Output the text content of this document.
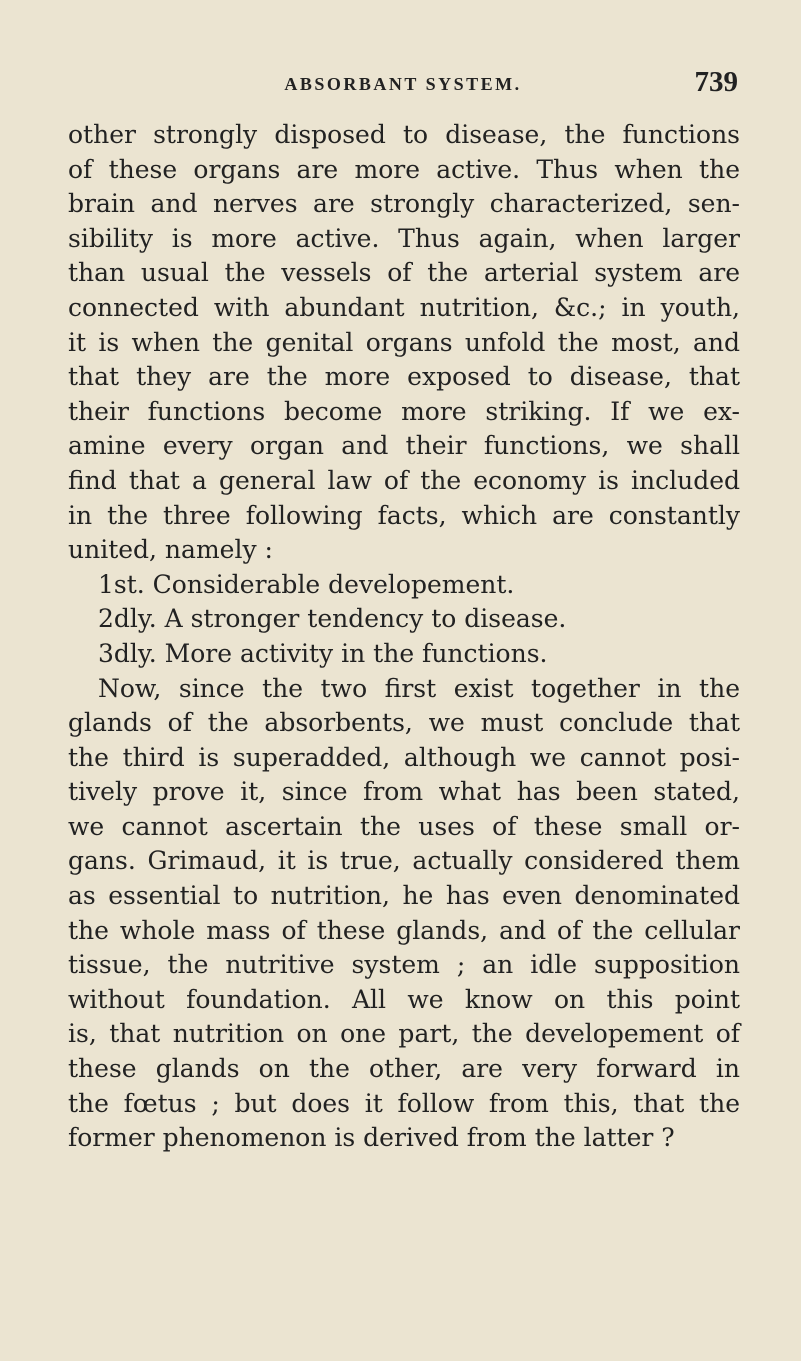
ABSORBANT SYSTEM.	739
other strongly disposed to disease, the functions
of these organs are more active. Thus when the
brain and nerves are strongly characterized, sen-
sibility is more active. Thus again, when larger
than usual the vessels of the arterial system are
connected with abundant nutrition, &c.; in youth,
it is when the genital organs unfold the most, and
that they are the more exposed to disease, that
their functions become more striking. If we ex-
amine every organ and their functions, we shall
find that a general law of the economy is included
in the three following facts, which are constantly
united, namely :
1st. Considerable developement.
2dly. A stronger tendency to disease.
3dly. More activity in the functions.
Now, since the two first exist together in the
glands of the absorbents, we must conclude that
the third is superadded, although we cannot posi-
tively prove it, since from what has been stated,
we cannot ascertain the uses of these small or-
gans. Grimaud, it is true, actually considered them
as essential to nutrition, he has even denominated
the whole mass of these glands, and of the cellular
tissue, the nutritive system ; an idle supposition
without foundation. All we know on this point
is, that nutrition on one part, the developement of
these glands on the other, are very forward in
the fœtus ; but does it follow from this, that the
former phenomenon is derived from the latter ?
